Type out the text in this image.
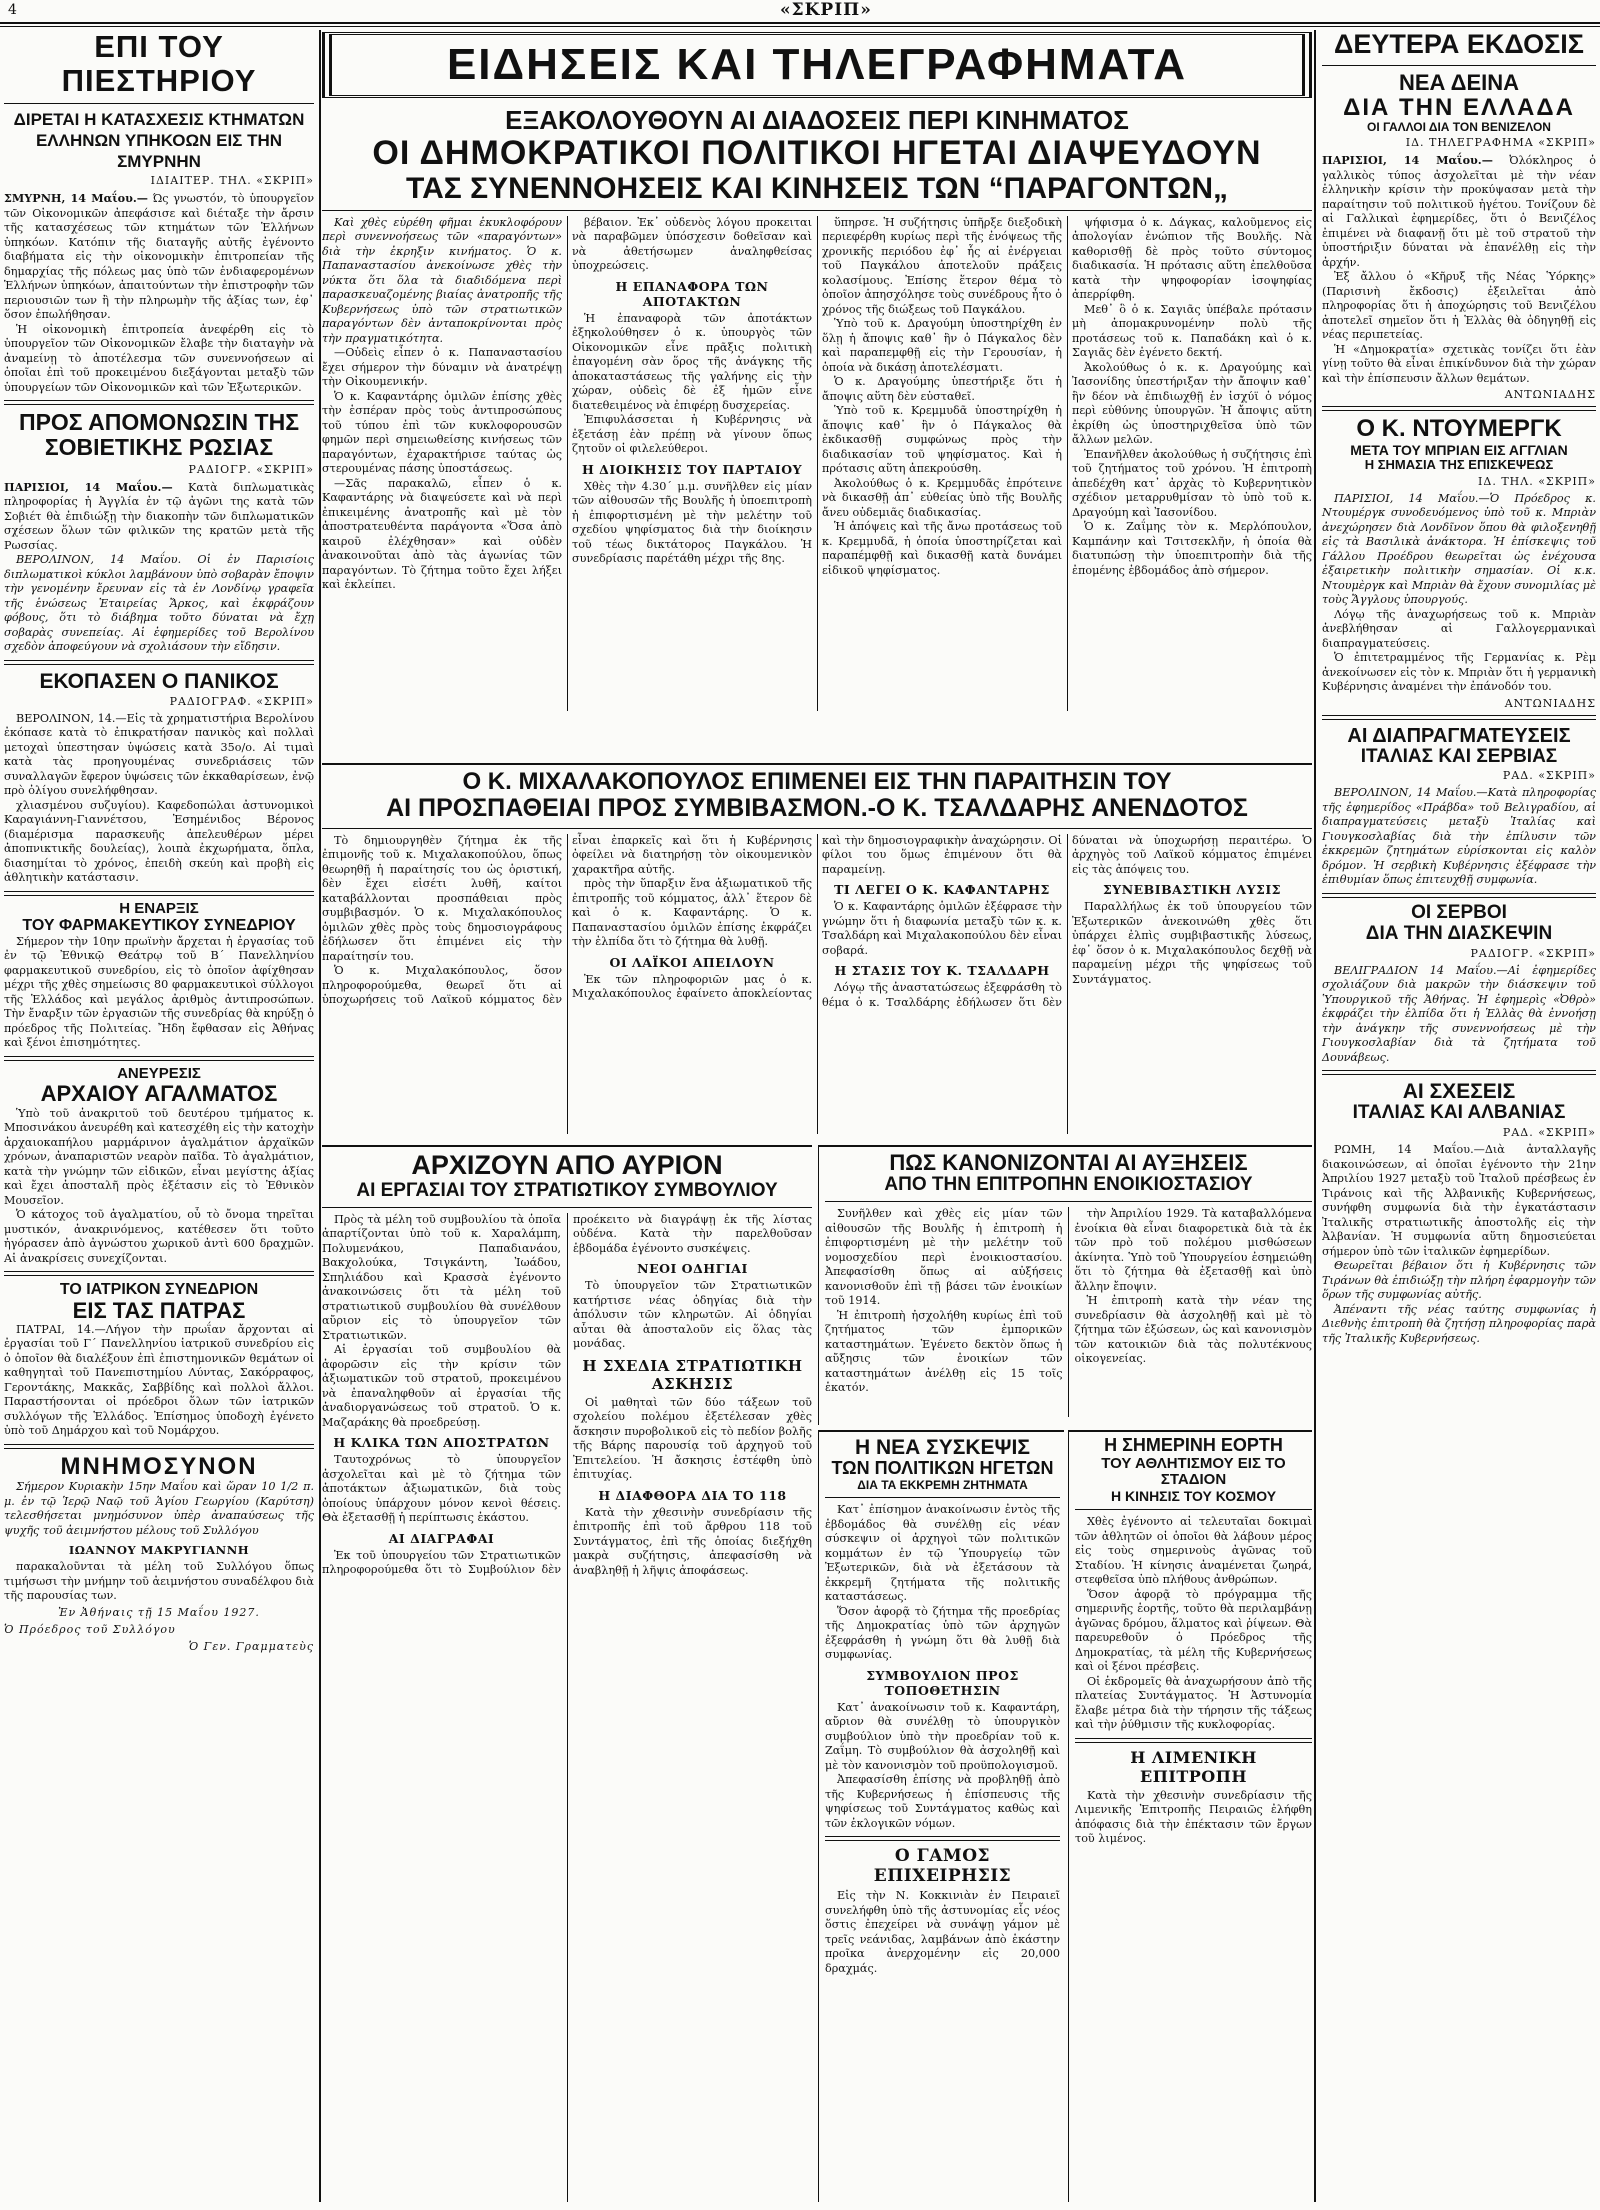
4	«ΣΚΡΙΠ»
ΕΠΙ ΤΟΥ ΠΙΕΣΤΗΡΙΟΥ
ΔΙΡΕΤΑΙ Η ΚΑΤΑΣΧΕΣΙΣ ΚΤΗΜΑΤΩΝ ΕΛΛΗΝΩΝ ΥΠΗΚΟΩΝ ΕΙΣ ΤΗΝ ΣΜΥΡΝΗΝ
ΙΔΙΑΙΤΕΡ. ΤΗΛ. «ΣΚΡΙΠ»

ΣΜΥΡΝΗ, 14 Μαΐου.— Ώς γνωστόν, τὸ ὑπουργεῖον τῶν Οἰκονομικῶν ἀπεφάσισε καὶ διέταξε τὴν ἄρσιν τῆς κατασχέσεως τῶν κτημάτων τῶν Ἑλλήνων ὑπηκόων. Κατόπιν τῆς διαταγῆς αὐτῆς ἐγένοντο διαβήματα εἰς τὴν οἰκονομικὴν ἐπιτροπείαν τῆς δημαρχίας τῆς πόλεως μας ὑπὸ τῶν ἐνδιαφερομένων Ἑλλήνων ὑπηκόων, ἀπαιτούντων τὴν ἐπιστροφὴν τῶν περιουσιῶν των ἢ τὴν πληρωμὴν τῆς ἀξίας των, ἐφ᾽ ὅσον ἐπωλήθησαν.

Ἡ οἰκονομικὴ ἐπιτροπεία ἀνεφέρθη εἰς τὸ ὑπουργεῖον τῶν Οἰκονομικῶν ἔλαβε τὴν διαταγὴν νὰ ἀναμείνῃ τὸ ἀποτέλεσμα τῶν συνεννοήσεων αἱ ὁποῖαι ἐπὶ τοῦ προκειμένου διεξάγονται μεταξὺ τῶν ὑπουργείων τῶν Οἰκονομικῶν καὶ τῶν Ἐξωτερικῶν.

ΠΡΟΣ ΑΠΟΜΟΝΩΣΙΝ ΤΗΣ ΣΟΒΙΕΤΙΚΗΣ ΡΩΣΙΑΣ
ΡΑΔΙΟΓΡ. «ΣΚΡΙΠ»

ΠΑΡΙΣΙΟΙ, 14 Μαΐου.— Κατὰ διπλωματικὰς πληροφορίας ἡ Ἀγγλία ἐν τῷ ἀγῶνι της κατὰ τῶν Σοβιέτ θὰ ἐπιδιώξῃ τὴν διακοπὴν τῶν διπλωματικῶν σχέσεων ὅλων τῶν φιλικῶν της κρατῶν μετὰ τῆς Ρωσσίας.

ΒΕΡΟΛΙΝΟΝ, 14 Μαΐου. Οἱ ἐν Παρισίοις διπλωματικοὶ κύκλοι λαμβάνουν ὑπὸ σοβαρὰν ἔποψιν τὴν γενομένην ἔρευναν εἰς τὰ ἐν Λονδίνῳ γραφεῖα τῆς ἑνώσεως Ἑταιρείας Ἄρκος, καὶ ἐκφράζουν φόβους, ὅτι τὸ διάβημα τοῦτο δύναται νὰ ἔχῃ σοβαρὰς συνεπείας. Αἱ ἐφημερίδες τοῦ Βερολίνου σχεδὸν ἀποφεύγουν νὰ σχολιάσουν τὴν εἴδησιν.

ΕΚΟΠΑΣΕΝ Ο ΠΑΝΙΚΟΣ
ΡΑΔΙΟΓΡΑΦ. «ΣΚΡΙΠ»

ΒΕΡΟΛΙΝΟΝ, 14.—Εἰς τὰ χρηματιστήρια Βερολίνου ἐκόπασε κατὰ τὸ ἐπικρατήσαν πανικὸς καὶ πολλαὶ μετοχαὶ ὑπεστησαν ὑψώσεις κατὰ 35ο/ο. Αἱ τιμαὶ κατὰ τὰς προηγουμένας συνεδριάσεις τῶν συναλλαγῶν ἔφερον ὑψώσεις τῶν ἐκκαθαρίσεων, ἐνῷ πρὸ ὀλίγου συνελήφθησαν.

χλιασμένου συζυγίου). Καφεδοπώλαι ἀστυνομικοὶ Καραγιάννη-Γιαννέτσου, Ἐσημένιδος Βέρονος (διαμέρισμα παρασκευῆς ἀπελευθέρων μέρει ἀποπνικτικῆς δουλείας), λοιπὰ ἐκχωρήματα, ὅπλα, διασημίται τὸ χρόνος, ἐπειδὴ σκεύη καὶ προβὴ εἰς ἀθλητικὴν κατάστασιν.

Η ΕΝΑΡΞΙΣ
ΤΟΥ ΦΑΡΜΑΚΕΥΤΙΚΟΥ ΣΥΝΕΔΡΙΟΥ

Σήμερον τὴν 10ην πρωϊνὴν ἄρχεται ἡ ἐργασίας τοῦ ἐν τῷ Ἐθνικῷ Θεάτρῳ τοῦ Β΄ Πανελληνίου φαρμακευτικοῦ συνεδρίου, εἰς τὸ ὁποῖον ἀφίχθησαν μέχρι τῆς χθὲς σημείωσις 80 φαρμακευτικοὶ σύλλογοι τῆς Ἑλλάδος καὶ μεγάλος ἀριθμὸς ἀντιπροσώπων. Τὴν ἔναρξιν τῶν ἐργασιῶν τῆς συνεδρίας θὰ κηρύξῃ ὁ πρόεδρος τῆς Πολιτείας. Ἤδη ἔφθασαν εἰς Ἀθήνας καὶ ξένοι ἐπισημότητες.

ΑΝΕΥΡΕΣΙΣ
ΑΡΧΑΙΟΥ ΑΓΑΛΜΑΤΟΣ

Ὑπὸ τοῦ ἀνακριτοῦ τοῦ δευτέρου τμήματος κ. Μποσινάκου ἀνευρέθη καὶ κατεσχέθη εἰς τὴν κατοχὴν ἀρχαιοκαπήλου μαρμάρινον ἀγαλμάτιον ἀρχαϊκῶν χρόνων, ἀναπαριστῶν νεαρὸν παῖδα. Τὸ ἀγαλμάτιον, κατὰ τὴν γνώμην τῶν εἰδικῶν, εἶναι μεγίστης ἀξίας καὶ ἔχει ἀποσταλῆ πρὸς ἐξέτασιν εἰς τὸ Ἐθνικὸν Μουσεῖον.

Ὁ κάτοχος τοῦ ἀγαλματίου, οὗ τὸ ὄνομα τηρεῖται μυστικόν, ἀνακρινόμενος, κατέθεσεν ὅτι τοῦτο ἠγόρασεν ἀπὸ ἀγνώστου χωρικοῦ ἀντὶ 600 δραχμῶν. Αἱ ἀνακρίσεις συνεχίζονται.

ΤΟ ΙΑΤΡΙΚΟΝ ΣΥΝΕΔΡΙΟΝ
ΕΙΣ ΤΑΣ ΠΑΤΡΑΣ

ΠΑΤΡΑΙ, 14.—Λήγον τὴν πρωΐαν ἄρχονται αἱ ἐργασίαι τοῦ Γ΄ Πανελληνίου ἰατρικοῦ συνεδρίου εἰς ὁ ὁποῖον θὰ διαλέξουν ἐπὶ ἐπιστημονικῶν θεμάτων οἱ καθηγηταὶ τοῦ Πανεπιστημίου Λύντας, Σακόρραφος, Γεροντάκης, Μακκᾶς, Σαββίδης καὶ πολλοὶ ἄλλοι. Παραστήσονται οἱ πρόεδροι ὅλων τῶν ἰατρικῶν συλλόγων τῆς Ἑλλάδος. Ἐπίσημος ὑποδοχὴ ἐγένετο ὑπὸ τοῦ Δημάρχου καὶ τοῦ Νομάρχου.

ΜΝΗΜΟΣΥΝΟΝ

Σήμερον Κυριακὴν 15ην Μαΐου καὶ ὥραν 10 1/2 π. μ. ἐν τῷ Ἱερῷ Ναῷ τοῦ Ἁγίου Γεωργίου (Καρύτση) τελεσθήσεται μνημόσυνον ὑπὲρ ἀναπαύσεως τῆς ψυχῆς τοῦ ἀειμνήστου μέλους τοῦ Συλλόγου

ΙΩΑΝΝΟΥ ΜΑΚΡΥΓΙΑΝΝΗ

παρακαλοῦνται τὰ μέλη τοῦ Συλλόγου ὅπως τιμήσωσι τὴν μνήμην τοῦ ἀειμνήστου συναδέλφου διὰ τῆς παρουσίας των.

Ἐν Ἀθήναις τῇ 15 Μαΐου 1927.
Ὁ Πρόεδρος τοῦ Συλλόγου
Ὁ Γεν. Γραμματεὺς
ΕΙΔΗΣΕΙΣ ΚΑΙ ΤΗΛΕΓΡΑΦΗΜΑΤΑ
ΕΞΑΚΟΛΟΥΘΟΥΝ ΑΙ ΔΙΑΔΟΣΕΙΣ ΠΕΡΙ ΚΙΝΗΜΑΤΟΣ
ΟΙ ΔΗΜΟΚΡΑΤΙΚΟΙ ΠΟΛΙΤΙΚΟΙ ΗΓΕΤΑΙ ΔΙΑΨΕΥΔΟΥΝ
ΤΑΣ ΣΥΝΕΝΝΟΗΣΕΙΣ ΚΑΙ ΚΙΝΗΣΕΙΣ ΤΩΝ “ΠΑΡΑΓΟΝΤΩΝ„

Καὶ χθὲς εὑρέθη φῆμαι ἐκυκλοφόρουν περὶ συνεννοήσεως τῶν «παραγόντων» διὰ τὴν ἐκρηξιν κινήματος. Ὁ κ. Παπαναστασίου ἀνεκοίνωσε χθὲς τὴν νύκτα ὅτι ὅλα τὰ διαδιδόμενα περὶ παρασκευαζομένης βιαίας ἀνατροπῆς τῆς Κυβερνήσεως ὑπὸ τῶν στρατιωτικῶν παραγόντων δὲν ἀνταποκρίνονται πρὸς τὴν πραγματικότητα.

—Οὐδεὶς εἶπεν ὁ κ. Παπαναστασίου ἔχει σήμερον τὴν δύναμιν νὰ ἀνατρέψῃ τὴν Οἰκουμενικήν.

Ὁ κ. Καφαντάρης ὁμιλῶν ἐπίσης χθὲς τὴν ἑσπέραν πρὸς τοὺς ἀντιπροσώπους τοῦ τύπου ἐπὶ τῶν κυκλοφορουσῶν φημῶν περὶ σημειωθείσης κινήσεως τῶν παραγόντων, ἐχαρακτήρισε ταύτας ὡς στερουμένας πάσης ὑποστάσεως.

—Σᾶς παρακαλῶ, εἶπεν ὁ κ. Καφαντάρης νὰ διαψεύσετε καὶ νὰ περὶ ἐπικειμένης ἀνατροπῆς καὶ μὲ τὸν ἀποστρατευθέντα παράγοντα «Ὅσα ἀπὸ καιροῦ ἐλέχθησαν» καὶ οὐδὲν ἀνακοινοῦται ἀπὸ τὰς ἀγωνίας τῶν παραγόντων. Τὸ ζήτημα τοῦτο ἔχει λήξει καὶ ἐκλείπει.

βέβαιον. Ἐκ᾽ οὐδενὸς λόγου προκειται νὰ παραβῶμεν ὑπόσχεσιν δοθεῖσαν καὶ νὰ ἀθετήσωμεν ἀναληφθείσας ὑποχρεώσεις.

Η ΕΠΑΝΑΦΟΡΑ ΤΩΝ ΑΠΟΤΑΚΤΩΝ

Ἡ ἐπαναφορὰ τῶν ἀποτάκτων ἐξηκολούθησεν ὁ κ. ὑπουργὸς τῶν Οἰκονομικῶν εἶνε πρᾶξις πολιτικὴ ἐπαγομένη σὰν ὅρος τῆς ἀνάγκης τῆς ἀποκαταστάσεως τῆς γαλήνης εἰς τὴν χώραν, οὐδεὶς δὲ ἐξ ἡμῶν εἶνε διατεθειμένος νὰ ἐπιφέρῃ δυσχερείας.

Ἐπιφυλάσσεται ἡ Κυβέρνησις νὰ ἐξετάσῃ ἐὰν πρέπῃ νὰ γίνουν ὅπως ζητοῦν οἱ φιλελεύθεροι.

Η ΔΙΟΙΚΗΣΙΣ ΤΟΥ ΠΑΡΤΑΙΟΥ

Χθὲς τὴν 4.30΄ μ.μ. συνῆλθεν εἰς μίαν τῶν αἰθουσῶν τῆς Βουλῆς ἡ ὑποεπιτροπὴ ἡ ἐπιφορτισμένη μὲ τὴν μελέτην τοῦ σχεδίου ψηφίσματος διὰ τὴν διοίκησιν τοῦ τέως δικτάτορος Παγκάλου. Ἡ συνεδρίασις παρέτάθη μέχρι τῆς 8ης.

ὕπηρσε. Ἡ συζήτησις ὑπῆρξε διεξοδικὴ περιεφέρθη κυρίως περὶ τῆς ἐνόψεως τῆς χρονικῆς περιόδου ἐφ᾽ ἧς αἱ ἐνέργειαι τοῦ Παγκάλου ἀποτελοῦν πράξεις κολασίμους. Ἐπίσης ἕτερον θέμα τὸ ὁποῖον ἀπησχόλησε τοὺς συνέδρους ἦτο ὁ χρόνος τῆς διώξεως τοῦ Παγκάλου.

Ὑπὸ τοῦ κ. Δραγούμη ὑποστηρίχθη ἐν ὅλῃ ἡ ἄποψις καθ᾽ ἣν ὁ Πάγκαλος δὲν καὶ παραπεμφθῇ εἰς τὴν Γερουσίαν, ἡ ὁποία νὰ δικάσῃ ἀποτελέσματι.

Ὁ κ. Δραγούμης ὑπεστήριξε ὅτι ἡ ἄποψις αὕτη δὲν εὐσταθεῖ.

Ὑπὸ τοῦ κ. Κρεμμυδᾶ ὑποστηρίχθη ἡ ἄποψις καθ᾽ ἣν ὁ Πάγκαλος θὰ ἐκδικασθῇ συμφώνως πρὸς τὴν διαδικασίαν τοῦ ψηφίσματος. Καὶ ἡ πρότασις αὕτη ἀπεκρούσθη.

Ἀκολούθως ὁ κ. Κρεμμυδᾶς ἐπρότεινε νὰ δικασθῇ ἀπ᾽ εὐθείας ὑπὸ τῆς Βουλῆς ἄνευ οὐδεμιᾶς διαδικασίας.

Ἡ ἀπόψεις καὶ τῆς ἄνω προτάσεως τοῦ κ. Κρεμμυδᾶ, ἡ ὁποία ὑποστηρίζεται καὶ παραπέμφθῇ καὶ δικασθῇ κατὰ δυνάμει εἰδικοῦ ψηφίσματος.

ψήφισμα ὁ κ. Δάγκας, καλοῦμενος εἰς ἀπολογίαν ἐνώπιον τῆς Βουλῆς. Νὰ καθορισθῇ δὲ πρὸς τοῦτο σύντομος διαδικασία. Ἡ πρότασις αὕτη ἐπελθοῦσα κατὰ τὴν ψηφοφορίαν ἰσοψηφίας ἀπερρίφθη.

Μεθ᾽ ὃ ὁ κ. Σαγιᾶς ὑπέβαλε πρότασιν μὴ ἀπομακρυνομένην πολὺ τῆς προτάσεως τοῦ κ. Παπαδάκη καὶ ὁ κ. Σαγιᾶς δὲν ἐγένετο δεκτή.

Ἀκολούθως ὁ κ. κ. Δραγούμης καὶ Ἰασονίδης ὑπεστήριξαν τὴν ἄποψιν καθ᾽ ἣν δέον νὰ ἐπιδιωχθῇ ἐν ἰσχύϊ ὁ νόμος περὶ εὐθύνης ὑπουργῶν. Ἡ ἄποψις αὕτη ἐκρίθη ὡς ὑποστηριχθεῖσα ὑπὸ τῶν ἄλλων μελῶν.

Ἐπανῆλθεν ἀκολούθως ἡ συζήτησις ἐπὶ τοῦ ζητήματος τοῦ χρόνου. Ἡ ἐπιτροπὴ ἀπεδέχθη κατ᾽ ἀρχὰς τὸ Κυβερνητικὸν σχέδιον μεταρρυθμίσαν τὸ ὑπὸ τοῦ κ. Δραγούμη καὶ Ἰασονίδου.

Ὁ κ. Ζαΐμης τὸν κ. Μερλόπουλον, Καμπάνην καὶ Τσιτσεκλῆν, ἡ ὁποία θὰ διατυπώσῃ τὴν ὑποεπιτροπὴν διὰ τῆς ἐπομένης ἑβδομάδος ἀπὸ σήμερον.

Ο Κ. ΜΙΧΑΛΑΚΟΠΟΥΛΟΣ ΕΠΙΜΕΝΕΙ ΕΙΣ ΤΗΝ ΠΑΡΑΙΤΗΣΙΝ ΤΟΥ
ΑΙ ΠΡΟΣΠΑΘΕΙΑΙ ΠΡΟΣ ΣΥΜΒΙΒΑΣΜΟΝ.-Ο Κ. ΤΣΑΛΔΑΡΗΣ ΑΝΕΝΔΟΤΟΣ

Τὸ δημιουργηθὲν ζήτημα ἐκ τῆς ἐπιμονῆς τοῦ κ. Μιχαλακοπούλου, ὅπως θεωρηθῇ ἡ παραίτησίς του ὡς ὁριστική, δὲν ἔχει εἰσέτι λυθῆ, καίτοι καταβάλλονται προσπάθειαι πρὸς συμβιβασμόν. Ὁ κ. Μιχαλακόπουλος ὁμιλῶν χθὲς πρὸς τοὺς δημοσιογράφους ἐδήλωσεν ὅτι ἐπιμένει εἰς τὴν παραίτησίν του.

Ὁ κ. Μιχαλακόπουλος, ὅσον πληροφορούμεθα, θεωρεῖ ὅτι αἱ ὑποχωρήσεις τοῦ Λαϊκοῦ κόμματος δὲν εἶναι ἐπαρκεῖς καὶ ὅτι ἡ Κυβέρνησις ὀφείλει νὰ διατηρήσῃ τὸν οἰκουμενικὸν χαρακτῆρα αὐτῆς.

πρὸς τὴν ὕπαρξιν ἕνα ἀξιωματικοῦ τῆς ἐπιτροπῆς τοῦ κόμματος, ἀλλ᾽ ἕτερον δὲ καὶ ὁ κ. Καφαντάρης. Ὁ κ. Παπαναστασίου ὁμιλῶν ἐπίσης ἐκφράζει τὴν ἐλπίδα ὅτι τὸ ζήτημα θὰ λυθῇ.

ΟΙ ΛΑΪΚΟΙ ΑΠΕΙΛΟΥΝ

Ἐκ τῶν πληροφοριῶν μας ὁ κ. Μιχαλακόπουλος ἐφαίνετο ἀποκλείοντας καὶ τὴν δημοσιογραφικὴν ἀναχώρησιν. Οἱ φίλοι του ὅμως ἐπιμένουν ὅτι θὰ παραμείνῃ.

ΤΙ ΛΕΓΕΙ Ο Κ. ΚΑΦΑΝΤΑΡΗΣ

Ὁ κ. Καφαντάρης ὁμιλῶν ἐξέφρασε τὴν γνώμην ὅτι ἡ διαφωνία μεταξὺ τῶν κ. κ. Τσαλδάρη καὶ Μιχαλακοπούλου δὲν εἶναι σοβαρά.

Η ΣΤΑΣΙΣ ΤΟΥ Κ. ΤΣΑΛΔΑΡΗ

Λόγῳ τῆς ἀναστατώσεως ἐξεφράσθη τὸ θέμα ὁ κ. Τσαλδάρης ἐδήλωσεν ὅτι δὲν δύναται νὰ ὑποχωρήσῃ περαιτέρω. Ὁ ἀρχηγὸς τοῦ Λαϊκοῦ κόμματος ἐπιμένει εἰς τὰς ἀπόψεις του.

ΣΥΝΕΒΙΒΑΣΤΙΚΗ ΛΥΣΙΣ

Παραλλήλως ἐκ τοῦ ὑπουργείου τῶν Ἐξωτερικῶν ἀνεκοινώθη χθὲς ὅτι ὑπάρχει ἐλπὶς συμβιβαστικῆς λύσεως, ἐφ᾽ ὅσον ὁ κ. Μιχαλακόπουλος δεχθῇ νὰ παραμείνῃ μέχρι τῆς ψηφίσεως τοῦ Συντάγματος.

ΑΡΧΙΖΟΥΝ ΑΠΟ ΑΥΡΙΟΝ
ΑΙ ΕΡΓΑΣΙΑΙ ΤΟΥ ΣΤΡΑΤΙΩΤΙΚΟΥ ΣΥΜΒΟΥΛΙΟΥ

Πρὸς τὰ μέλη τοῦ συμβουλίου τὰ ὁποῖα ἀπαρτίζονται ὑπὸ τοῦ κ. Χαραλάμπη, Πολυμενάκου, Παπαδιανάου, Βακχολούκα, Τσιγκάντη, Ἰωάδου, Σπηλιάδου καὶ Κρασσὰ ἐγένοντο ἀνακοινώσεις ὅτι τὰ μέλη τοῦ στρατιωτικοῦ συμβουλίου θὰ συνέλθουν αὔριον εἰς τὸ ὑπουργεῖον τῶν Στρατιωτικῶν.

Αἱ ἐργασίαι τοῦ συμβουλίου θὰ ἀφορῶσιν εἰς τὴν κρίσιν τῶν ἀξιωματικῶν τοῦ στρατοῦ, προκειμένου νὰ ἐπαναληφθοῦν αἱ ἐργασίαι τῆς ἀναδιοργανώσεως τοῦ στρατοῦ. Ὁ κ. Μαζαράκης θὰ προεδρεύσῃ.

Η ΚΛΙΚΑ ΤΩΝ ΑΠΟΣΤΡΑΤΩΝ

Ταυτοχρόνως τὸ ὑπουργεῖον ἀσχολεῖται καὶ μὲ τὸ ζήτημα τῶν ἀποτάκτων ἀξιωματικῶν, διὰ τοὺς ὁποίους ὑπάρχουν μόνον κενοὶ θέσεις. Θὰ ἐξετασθῇ ἡ περίπτωσις ἑκάστου.

ΑΙ ΔΙΑΓΡΑΦΑΙ

Ἐκ τοῦ ὑπουργείου τῶν Στρατιωτικῶν πληροφορούμεθα ὅτι τὸ Συμβούλιον δὲν προέκειτο νὰ διαγράψῃ ἐκ τῆς λίστας οὐδένα. Κατὰ τὴν παρελθοῦσαν ἑβδομάδα ἐγένοντο συσκέψεις.

ΝΕΟΙ ΟΔΗΓΙΑΙ

Τὸ ὑπουργεῖον τῶν Στρατιωτικῶν κατήρτισε νέας ὁδηγίας διὰ τὴν ἀπόλυσιν τῶν κληρωτῶν. Αἱ ὁδηγίαι αὗται θὰ ἀποσταλοῦν εἰς ὅλας τὰς μονάδας.

Η ΣΧΕΔΙΑ ΣΤΡΑΤΙΩΤΙΚΗ ΑΣΚΗΣΙΣ

Οἱ μαθηταὶ τῶν δύο τάξεων τοῦ σχολείου πολέμου ἐξετέλεσαν χθὲς ἄσκησιν πυροβολικοῦ εἰς τὸ πεδίον βολῆς τῆς Βάρης παρουσίᾳ τοῦ ἀρχηγοῦ τοῦ Ἐπιτελείου. Ἡ ἄσκησις ἐστέφθη ὑπὸ ἐπιτυχίας.

Η ΔΙΑΦΘΟΡΑ ΔΙΑ ΤΟ 118

Κατὰ τὴν χθεσινὴν συνεδρίασιν τῆς ἐπιτροπῆς ἐπὶ τοῦ ἄρθρου 118 τοῦ Συντάγματος, ἐπὶ τῆς ὁποίας διεξήχθη μακρὰ συζήτησις, ἀπεφασίσθη νὰ ἀναβληθῇ ἡ λῆψις ἀποφάσεως.

ΠΩΣ ΚΑΝΟΝΙΖΟΝΤΑΙ ΑΙ ΑΥΞΗΣΕΙΣ
ΑΠΟ ΤΗΝ ΕΠΙΤΡΟΠΗΝ ΕΝΟΙΚΙΟΣΤΑΣΙΟΥ

Συνῆλθεν καὶ χθὲς εἰς μίαν τῶν αἰθουσῶν τῆς Βουλῆς ἡ ἐπιτροπὴ ἡ ἐπιφορτισμένη μὲ τὴν μελέτην τοῦ νομοσχεδίου περὶ ἐνοικιοστασίου. Ἀπεφασίσθη ὅπως αἱ αὐξήσεις κανονισθοῦν ἐπὶ τῇ βάσει τῶν ἐνοικίων τοῦ 1914.

Ἡ ἐπιτροπὴ ἠσχολήθη κυρίως ἐπὶ τοῦ ζητήματος τῶν ἐμπορικῶν καταστημάτων. Ἐγένετο δεκτὸν ὅπως ἡ αὔξησις τῶν ἐνοικίων τῶν καταστημάτων ἀνέλθῃ εἰς 15 τοῖς ἑκατόν.

τὴν Ἀπριλίου 1929. Τὰ καταβαλλόμενα ἐνοίκια θὰ εἶναι διαφορετικὰ διὰ τὰ ἐκ τῶν πρὸ τοῦ πολέμου μισθώσεων ἀκίνητα. Ὑπὸ τοῦ Ὑπουργείου ἐσημειώθη ὅτι τὸ ζήτημα θὰ ἐξετασθῇ καὶ ὑπὸ ἄλλην ἔποψιν.

Ἡ ἐπιτροπὴ κατὰ τὴν νέαν της συνεδρίασιν θὰ ἀσχοληθῇ καὶ μὲ τὸ ζήτημα τῶν ἐξώσεων, ὡς καὶ κανονισμὸν τῶν κατοικιῶν διὰ τὰς πολυτέκνους οἰκογενείας.

Η ΝΕΑ ΣΥΣΚΕΨΙΣ
ΤΩΝ ΠΟΛΙΤΙΚΩΝ ΗΓΕΤΩΝ
ΔΙΑ ΤΑ ΕΚΚΡΕΜΗ ΖΗΤΗΜΑΤΑ

Κατ᾽ ἐπίσημον ἀνακοίνωσιν ἐντὸς τῆς ἑβδομάδος θὰ συνέλθῃ εἰς νέαν σύσκεψιν οἱ ἀρχηγοὶ τῶν πολιτικῶν κομμάτων ἐν τῷ Ὑπουργείῳ τῶν Ἐξωτερικῶν, διὰ νὰ ἐξετάσουν τὰ ἐκκρεμῆ ζητήματα τῆς πολιτικῆς καταστάσεως.

Ὅσον ἀφορᾷ τὸ ζήτημα τῆς προεδρίας τῆς Δημοκρατίας ὑπὸ τῶν ἀρχηγῶν ἐξεφράσθη ἡ γνώμη ὅτι θὰ λυθῇ διὰ συμφωνίας.

ΣΥΜΒΟΥΛΙΟΝ ΠΡΟΣ ΤΟΠΟΘΕΤΗΣΙΝ

Κατ᾽ ἀνακοίνωσιν τοῦ κ. Καφαντάρη, αὔριον θὰ συνέλθῃ τὸ ὑπουργικὸν συμβούλιον ὑπὸ τὴν προεδρίαν τοῦ κ. Ζαΐμη. Τὸ συμβούλιον θὰ ἀσχοληθῇ καὶ μὲ τὸν κανονισμὸν τοῦ προϋπολογισμοῦ.

Ἀπεφασίσθη ἐπίσης νὰ προβληθῇ ἀπὸ τῆς Κυβερνήσεως ἡ ἐπίσπευσις τῆς ψηφίσεως τοῦ Συντάγματος καθὼς καὶ τῶν ἐκλογικῶν νόμων.

Ο ΓΑΜΟΣ ΕΠΙΧΕΙΡΗΣΙΣ

Εἰς τὴν Ν. Κοκκινιὰν ἐν Πειραιεῖ συνελήφθη ὑπὸ τῆς ἀστυνομίας εἷς νέος ὅστις ἐπεχείρει νὰ συνάψῃ γάμον μὲ τρεῖς νεάνιδας, λαμβάνων ἀπὸ ἑκάστην προῖκα ἀνερχομένην εἰς 20,000 δραχμάς.

Η ΣΗΜΕΡΙΝΗ ΕΟΡΤΗ
ΤΟΥ ΑΘΛΗΤΙΣΜΟΥ ΕΙΣ ΤΟ ΣΤΑΔΙΟΝ
Η ΚΙΝΗΣΙΣ ΤΟΥ ΚΟΣΜΟΥ

Χθὲς ἐγένοντο αἱ τελευταῖαι δοκιμαὶ τῶν ἀθλητῶν οἱ ὁποῖοι θὰ λάβουν μέρος εἰς τοὺς σημερινοὺς ἀγῶνας τοῦ Σταδίου. Ἡ κίνησις ἀναμένεται ζωηρά, στεφθεῖσα ὑπὸ πλήθους ἀνθρώπων.

Ὅσον ἀφορᾷ τὸ πρόγραμμα τῆς σημερινῆς ἑορτῆς, τοῦτο θὰ περιλαμβάνῃ ἀγῶνας δρόμου, ἅλματος καὶ ῥίψεων. Θὰ παρευρεθοῦν ὁ Πρόεδρος τῆς Δημοκρατίας, τὰ μέλη τῆς Κυβερνήσεως καὶ οἱ ξένοι πρέσβεις.

Οἱ ἐκδρομεῖς θὰ ἀναχωρήσουν ἀπὸ τῆς πλατείας Συντάγματος. Ἡ Ἀστυνομία ἔλαβε μέτρα διὰ τὴν τήρησιν τῆς τάξεως καὶ τὴν ῥύθμισιν τῆς κυκλοφορίας.

Η ΛΙΜΕΝΙΚΗ ΕΠΙΤΡΟΠΗ

Κατὰ τὴν χθεσινὴν συνεδρίασιν τῆς Λιμενικῆς Ἐπιτροπῆς Πειραιῶς ἐλήφθη ἀπόφασις διὰ τὴν ἐπέκτασιν τῶν ἔργων τοῦ λιμένος.

ΔΕΥΤΕΡΑ ΕΚΔΟΣΙΣ
ΝΕΑ ΔΕΙΝΑ
ΔΙΑ ΤΗΝ ΕΛΛΑΔΑ
ΟΙ ΓΑΛΛΟΙ ΔΙΑ ΤΟΝ ΒΕΝΙΖΕΛΟΝ
ΙΔ. ΤΗΛΕΓΡΑΦΗΜΑ «ΣΚΡΙΠ»

ΠΑΡΙΣΙΟΙ, 14 Μαΐου.— Ὀλόκληρος ὁ γαλλικὸς τύπος ἀσχολεῖται μὲ τὴν νέαν ἑλληνικὴν κρίσιν τὴν προκύψασαν μετὰ τὴν παραίτησιν τοῦ πολιτικοῦ ἡγέτου. Τονίζουν δὲ αἱ Γαλλικαὶ ἐφημερίδες, ὅτι ὁ Βενιζέλος ἐπιμένει νὰ διαφανῇ ὅτι μὲ τοῦ στρατοῦ τὴν ὑποστήριξιν δύναται νὰ ἐπανέλθῃ εἰς τὴν ἀρχήν.

Ἐξ ἄλλου ὁ «Κῆρυξ τῆς Νέας Ὑόρκης» (Παρισινὴ ἔκδοσις) ἐξειλεῖται ἀπὸ πληροφορίας ὅτι ἡ ἀποχώρησις τοῦ Βενιζέλου ἀποτελεῖ σημεῖον ὅτι ἡ Ἑλλὰς θὰ ὁδηγηθῇ εἰς νέας περιπετείας.

Ἡ «Δημοκρατία» σχετικὰς τονίζει ὅτι ἐὰν γίνῃ τοῦτο θὰ εἶναι ἐπικίνδυνον διὰ τὴν χώραν καὶ τὴν ἐπίσπευσιν ἄλλων θεμάτων.

ΑΝΤΩΝΙΑΔΗΣ
Ο Κ. ΝΤΟΥΜΕΡΓΚ
ΜΕΤΑ ΤΟΥ ΜΠΡΙΑΝ ΕΙΣ ΑΓΓΛΙΑΝ
Η ΣΗΜΑΣΙΑ ΤΗΣ ΕΠΙΣΚΕΨΕΩΣ
ΙΔ. ΤΗΛ. «ΣΚΡΙΠ»

ΠΑΡΙΣΙΟΙ, 14 Μαΐου.—Ὁ Πρόεδρος κ. Ντουμέργκ συνοδευόμενος ὑπὸ τοῦ κ. Μπριὰν ἀνεχώρησεν διὰ Λονδῖνον ὅπου θὰ φιλοξενηθῇ εἰς τὰ Βασιλικὰ ἀνάκτορα. Ἡ ἐπίσκεψις τοῦ Γάλλου Προέδρου θεωρεῖται ὡς ἐνέχουσα ἐξαιρετικὴν πολιτικὴν σημασίαν. Οἱ κ.κ. Ντουμὲργκ καὶ Μπριὰν θὰ ἔχουν συνομιλίας μὲ τοὺς Ἄγγλους ὑπουργούς.

Λόγῳ τῆς ἀναχωρήσεως τοῦ κ. Μπριὰν ἀνεβλήθησαν αἱ Γαλλογερμανικαὶ διαπραγματεύσεις.

Ὁ ἐπιτετραμμένος τῆς Γερμανίας κ. Ρὲμ ἀνεκοίνωσεν εἰς τὸν κ. Μπριὰν ὅτι ἡ γερμανικὴ Κυβέρνησις ἀναμένει τὴν ἐπάνοδόν του.

ΑΝΤΩΝΙΑΔΗΣ
ΑΙ ΔΙΑΠΡΑΓΜΑΤΕΥΣΕΙΣ
ΙΤΑΛΙΑΣ ΚΑΙ ΣΕΡΒΙΑΣ
ΡΑΔ. «ΣΚΡΙΠ»

ΒΕΡΟΛΙΝΟΝ, 14 Μαΐου.—Κατὰ πληροφορίας τῆς ἐφημερίδος «Πράβδα» τοῦ Βελιγραδίου, αἱ διαπραγματεύσεις μεταξὺ Ἰταλίας καὶ Γιουγκοσλαβίας διὰ τὴν ἐπίλυσιν τῶν ἐκκρεμῶν ζητημάτων εὑρίσκονται εἰς καλὸν δρόμον. Ἡ σερβικὴ Κυβέρνησις ἐξέφρασε τὴν ἐπιθυμίαν ὅπως ἐπιτευχθῇ συμφωνία.

ΟΙ ΣΕΡΒΟΙ
ΔΙΑ ΤΗΝ ΔΙΑΣΚΕΨΙΝ
ΡΑΔΙΟΓΡ. «ΣΚΡΙΠ»

ΒΕΛΙΓΡΑΔΙΟΝ 14 Μαΐου.—Αἱ ἐφημερίδες σχολιάζουν διὰ μακρῶν τὴν διάσκεψιν τοῦ Ὑπουργικοῦ τῆς Ἀθήνας. Ἡ ἐφημερὶς «Ὀθρὸ» ἐκφράζει τὴν ἐλπίδα ὅτι ἡ Ἑλλὰς θὰ ἐννοήσῃ τὴν ἀνάγκην τῆς συνεννοήσεως μὲ τὴν Γιουγκοσλαβίαν διὰ τὰ ζητήματα τοῦ Δουνάβεως.

ΑΙ ΣΧΕΣΕΙΣ
ΙΤΑΛΙΑΣ ΚΑΙ ΑΛΒΑΝΙΑΣ
ΡΑΔ. «ΣΚΡΙΠ»

ΡΩΜΗ, 14 Μαΐου.—Διὰ ἀνταλλαγῆς διακοινώσεων, αἱ ὁποῖαι ἐγένοντο τὴν 21ην Ἀπριλίου 1927 μεταξὺ τοῦ Ἰταλοῦ πρέσβεως ἐν Τιράνοις καὶ τῆς Ἀλβανικῆς Κυβερνήσεως, συνήφθη συμφωνία διὰ τὴν ἐγκατάστασιν Ἰταλικῆς στρατιωτικῆς ἀποστολῆς εἰς τὴν Ἀλβανίαν. Ἡ συμφωνία αὕτη δημοσιεύεται σήμερον ὑπὸ τῶν ἰταλικῶν ἐφημερίδων.

Θεωρεῖται βέβαιον ὅτι ἡ Κυβέρνησις τῶν Τιράνων θὰ ἐπιδιώξῃ τὴν πλήρη ἐφαρμογὴν τῶν ὅρων τῆς συμφωνίας αὐτῆς.

Ἀπέναντι τῆς νέας ταύτης συμφωνίας ἡ Διεθνὴς ἐπιτροπὴ θὰ ζητήσῃ πληροφορίας παρὰ τῆς Ἰταλικῆς Κυβερνήσεως.
